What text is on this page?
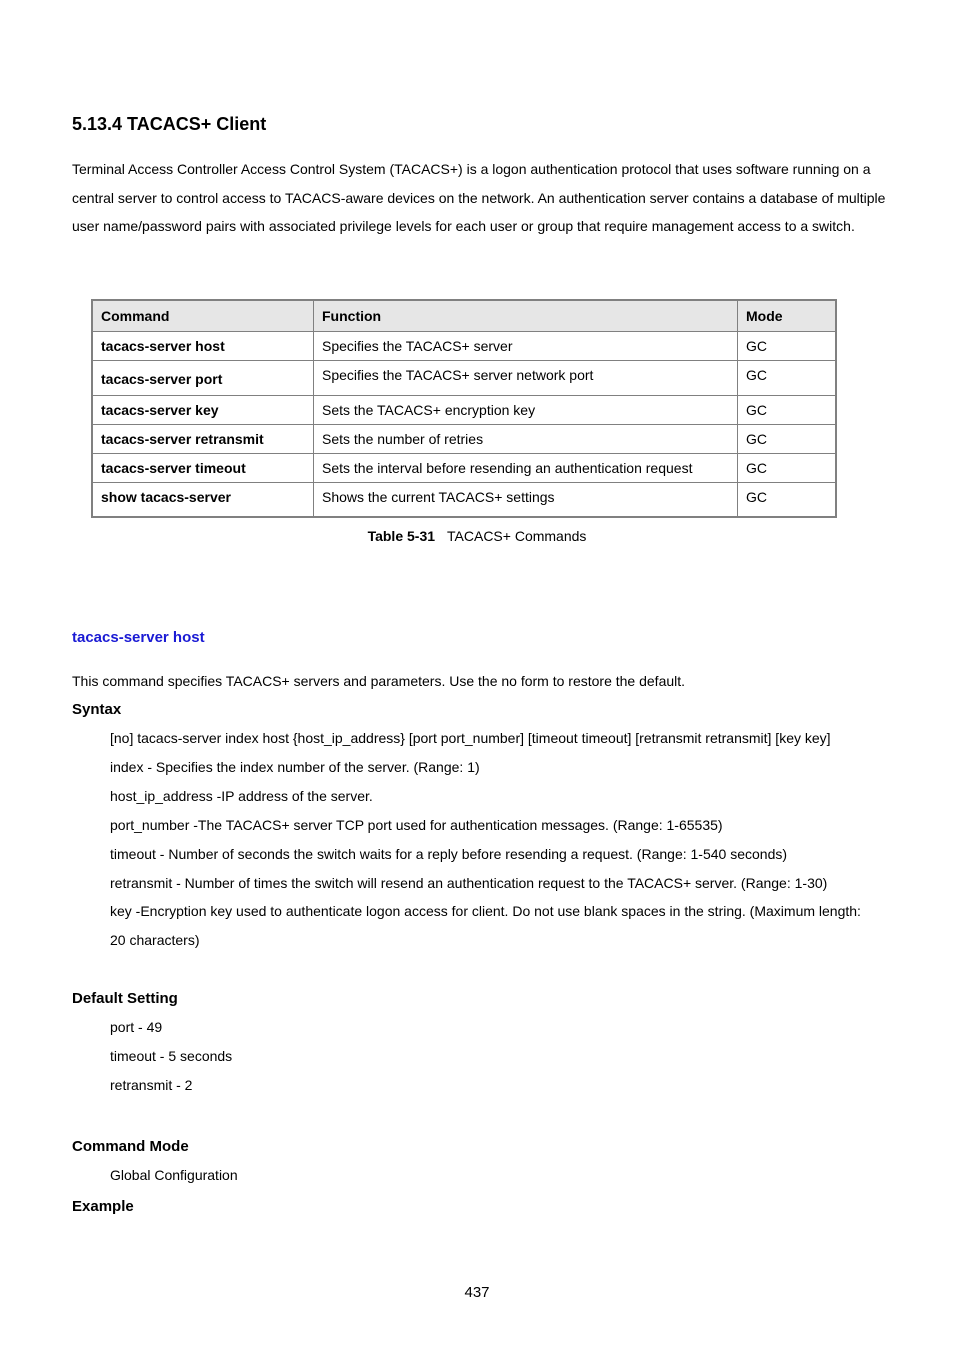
5.13.4 TACACS+ Client

Terminal Access Controller Access Control System (TACACS+) is a logon authentication protocol that uses software running on a central server to control access to TACACS-aware devices on the network. An authentication server contains a database of multiple user name/password pairs with associated privilege levels for each user or group that require management access to a switch.

Command	Function	Mode
tacacs-server host	Specifies the TACACS+ server	GC
tacacs-server port	Specifies the TACACS+ server network port	GC
tacacs-server key	Sets the TACACS+ encryption key	GC
tacacs-server retransmit	Sets the number of retries	GC
tacacs-server timeout	Sets the interval before resending an authentication request	GC
show tacacs-server	Shows the current TACACS+ settings	GC
Table 5-31 TACACS+ Commands
tacacs-server host
This command specifies TACACS+ servers and parameters. Use the no form to restore the default.
Syntax
[no] tacacs-server index host {host_ip_address} [port port_number] [timeout timeout] [retransmit retransmit] [key key]
index - Specifies the index number of the server. (Range: 1)
host_ip_address -IP address of the server.
port_number -The TACACS+ server TCP port used for authentication messages. (Range: 1-65535)
timeout - Number of seconds the switch waits for a reply before resending a request. (Range: 1-540 seconds)
retransmit - Number of times the switch will resend an authentication request to the TACACS+ server. (Range: 1-30)
key -Encryption key used to authenticate logon access for client. Do not use blank spaces in the string. (Maximum length:
20 characters)
Default Setting
port - 49
timeout - 5 seconds
retransmit - 2
Command Mode
Global Configuration
Example
437
